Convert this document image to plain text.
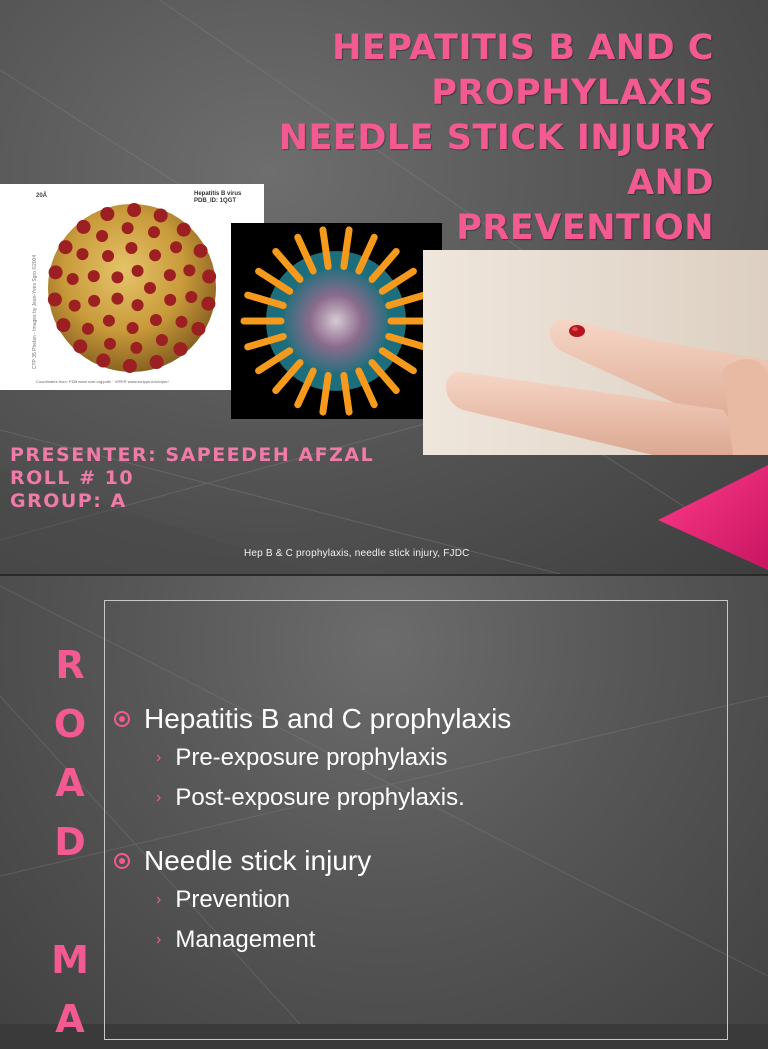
HEPATITIS B AND C
PROPHYLAXIS
NEEDLE STICK INJURY AND
PREVENTION
20Å	Hepatitis B virus
PDB_ID: 1QGT
CTP 35 Phelan - Images by Jean-Yves Sgro ©2004
Coordinates from: PDB www.rcsb.org/pdb/ · VIPER www.scripps.edu/viper/
PRESENTER: SAPEEDEH AFZAL
ROLL # 10
GROUP: A
Hep B & C prophylaxis, needle stick injury, FJDC
R
O
A
D

M
A
Hepatitis B and C prophylaxis
› Pre-exposure prophylaxis
› Post-exposure prophylaxis.
Needle stick injury
› Prevention
› Management
